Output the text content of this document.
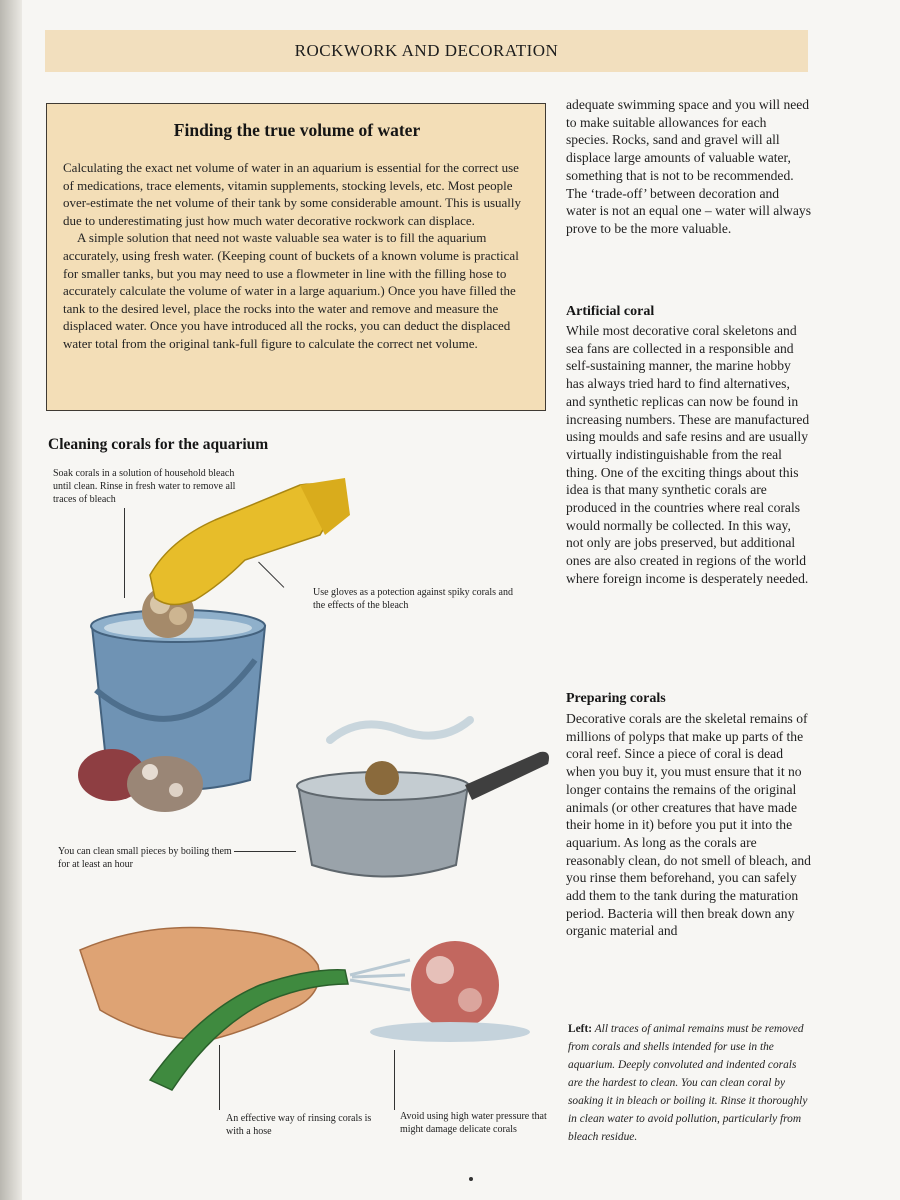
ROCKWORK AND DECORATION
Finding the true volume of water

Calculating the exact net volume of water in an aquarium is essential for the correct use of medications, trace elements, vitamin supplements, stocking levels, etc. Most people over-estimate the net volume of their tank by some considerable amount. This is usually due to underestimating just how much water decorative rockwork can displace.

A simple solution that need not waste valuable sea water is to fill the aquarium accurately, using fresh water. (Keeping count of buckets of a known volume is practical for smaller tanks, but you may need to use a flowmeter in line with the filling hose to accurately calculate the volume of water in a large aquarium.) Once you have filled the tank to the desired level, place the rocks into the water and remove and measure the displaced water. Once you have introduced all the rocks, you can deduct the displaced water total from the original tank-full figure to calculate the correct net volume.

Cleaning corals for the aquarium
Soak corals in a solution of household bleach until clean. Rinse in fresh water to remove all traces of bleach
Use gloves as a potection against spiky corals and the effects of the bleach
You can clean small pieces by boiling them for at least an hour
An effective way of rinsing corals is with a hose
Avoid using high water pressure that might damage delicate corals

adequate swimming space and you will need to make suitable allowances for each species. Rocks, sand and gravel will all displace large amounts of valuable water, something that is not to be recommended. The ‘trade-off’ between decoration and water is not an equal one – water will always prove to be the more valuable.

Artificial coral

While most decorative coral skeletons and sea fans are collected in a responsible and self-sustaining manner, the marine hobby has always tried hard to find alternatives, and synthetic replicas can now be found in increasing numbers. These are manufactured using moulds and safe resins and are usually virtually indistinguishable from the real thing. One of the exciting things about this idea is that many synthetic corals are produced in the countries where real corals would normally be collected. In this way, not only are jobs preserved, but additional ones are also created in regions of the world where foreign income is desperately needed.

Preparing corals

Decorative corals are the skeletal remains of millions of polyps that make up parts of the coral reef. Since a piece of coral is dead when you buy it, you must ensure that it no longer contains the remains of the original animals (or other creatures that have made their home in it) before you put it into the aquarium. As long as the corals are reasonably clean, do not smell of bleach, and you rinse them beforehand, you can safely add them to the tank during the maturation period. Bacteria will then break down any organic material and

Left: All traces of animal remains must be removed from corals and shells intended for use in the aquarium. Deeply convoluted and indented corals are the hardest to clean. You can clean coral by soaking it in bleach or boiling it. Rinse it thoroughly in clean water to avoid pollution, particularly from bleach residue.
